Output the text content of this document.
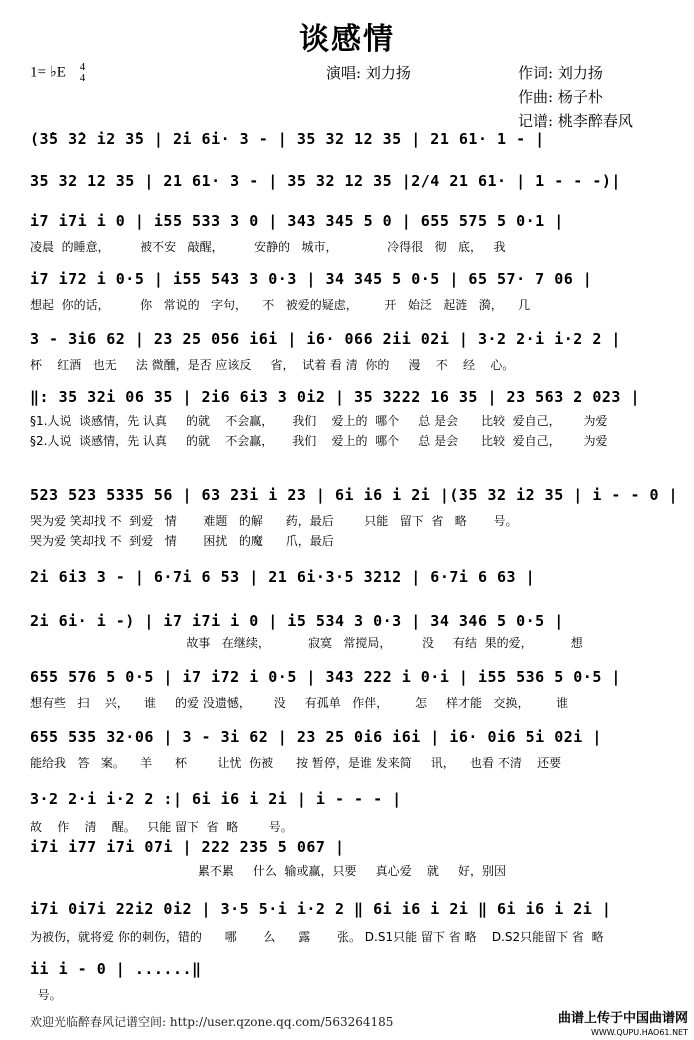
谈感情
1= ♭E 4
4	演唱: 刘力扬	作词: 刘力扬
作曲: 杨子朴
记谱: 桃李醉春风
(3̇5 3̇2 i2 3̇5 | 2̇i 6i· 3 - | 35 32 12 35 | 21 61· 1 - |
35 32 12 35 | 21 61· 3 - | 35 32 12 35 |2/4 21 61· | 1 - - -)|
i7 i7i i 0 | i55 533 3 0 | 343 345 5 0 | 655 575 5 0·1 |
凌晨  的睡意，        被不安   敲醒，        安静的   城市，             冷得很   彻   底，   我
i7 i72 i 0·5 | i55 543 3 0·3 | 34 345 5 0·5 | 65 57· 7 06 |
想起  你的话，        你   常说的   字句，    不   被爱的疑虑，       开   始泛   起涟   漪，    几
3 - 3i6 62 | 23 25 056 i6i | i6· 066 2ii 02i | 3·2 2·i i·2 2 |
杯    红酒   也无     法 微醺，是否 应该反     省，  试着 看 清  你的     漫    不    经    心。
‖: 35 32i 06 35 | 2i6 6i3 3 0i2 | 35 3222 16 35 | 23 563 2 023 |
§1.人说  谈感情，先 认真     的就    不会赢，     我们    爱上的  哪个     总 是会      比较  爱自己，      为爱
§2.人说  谈感情，先 认真     的就    不会赢，     我们    爱上的  哪个     总 是会      比较  爱自己，      为爱
523 523 5335 56 | 63 23i i 23 | 6i i6 i 2i |(35 32 i2 35 | i - - 0 |
哭为爱 笑却找 不  到爱   情       难题   的解      药，最后        只能   留下  省   略       号。
哭为爱 笑却找 不  到爱   情       困扰   的魔      爪，最后
2i 6i3 3 - | 6·7i 6 53 | 21 6i·3·5 3212 | 6·7i 6 63 |
2i 6i· i -) | i7 i7i i 0 | i5 534 3 0·3 | 34 346 5 0·5 |
故事   在继续，          寂寞   常搅局，        没     有结  果的爱，          想
655 576 5 0·5 | i7 i72 i 0·5 | 343 222 i 0·i | i55 536 5 0·5 |
想有些   扫    兴，    谁     的爱 没遗憾，      没     有孤单   作伴，       怎     样才能   交换，       谁
655 535 32·06 | 3 - 3i 62 | 23 25 0i6 i6i | i6· 0i6 5i 02i |
能给我   答   案。    羊      杯        让忧  伤被      按 暂停，是谁 发来简     讯，    也看 不清    还要
3·2 2·i i·2 2 :| 6i i6 i 2i | i - - - |
故    作    清    醒。   只能 留下  省  略        号。
i7i i77 i7i 07i | 222 235 5 067 |
累不累     什么  输或赢，只要     真心爱    就     好，别因
i7i 0i7i 22i2 0i2 | 3·5 5·i i·2 2 ‖ 6i i6 i 2i ‖ 6i i6 i 2i |
为被伤，就将爱 你的刺伤，错的      哪       么      露       张。 D.S1只能 留下 省 略    D.S2只能留下 省  略
ii i - 0 | ......‖
号。
欢迎光临醉春风记谱空间: http://user.qzone.qq.com/563264185	曲谱上传于中国曲谱网
WWW.QUPU.HAO61.NET
